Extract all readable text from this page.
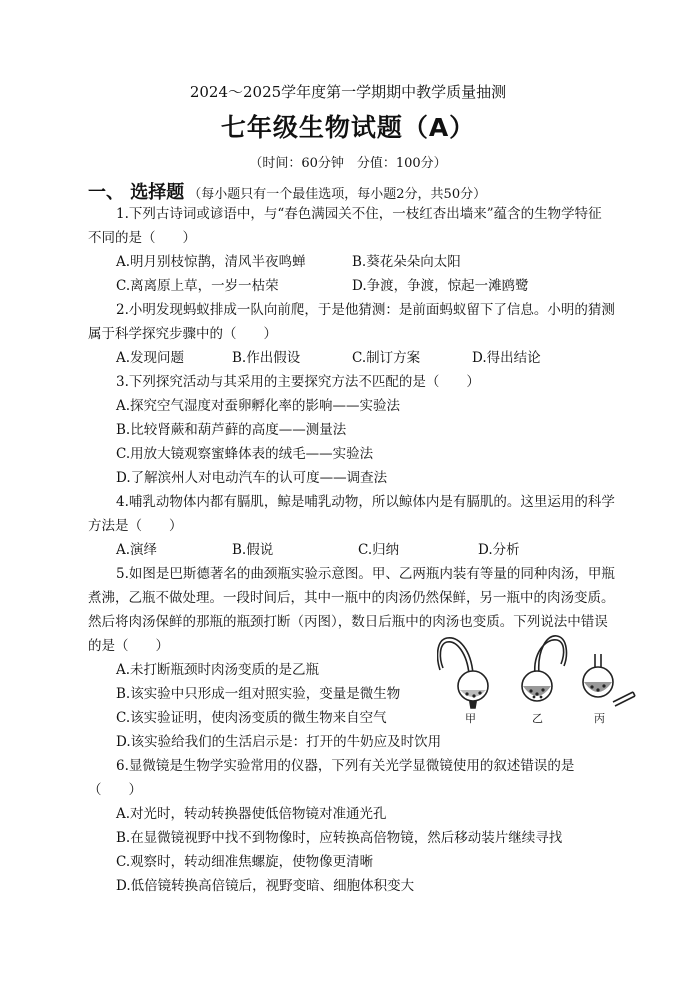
2024～2025学年度第一学期期中教学质量抽测
七年级生物试题（A）
（时间：60分钟　分值：100分）
一、 选择题 （每小题只有一个最佳选项，每小题2分，共50分）
1.下列古诗词或谚语中，与“春色满园关不住，一枝红杏出墙来”蕴含的生物学特征
不同的是（　　）
A.明月别枝惊鹊，清风半夜鸣蝉	B.葵花朵朵向太阳
C.离离原上草，一岁一枯荣	D.争渡，争渡，惊起一滩鸥鹭
2.小明发现蚂蚁排成一队向前爬，于是他猜测：是前面蚂蚁留下了信息。小明的猜测
属于科学探究步骤中的（　　）
A.发现问题	B.作出假设	C.制订方案	D.得出结论
3.下列探究活动与其采用的主要探究方法不匹配的是（　　）
A.探究空气湿度对蚕卵孵化率的影响——实验法
B.比较肾蕨和葫芦藓的高度——测量法
C.用放大镜观察蜜蜂体表的绒毛——实验法
D.了解滨州人对电动汽车的认可度——调查法
4.哺乳动物体内都有膈肌，鲸是哺乳动物，所以鲸体内是有膈肌的。这里运用的科学
方法是（　　）
A.演绎	B.假说	C.归纳	D.分析
5.如图是巴斯德著名的曲颈瓶实验示意图。甲、乙两瓶内装有等量的同种肉汤，甲瓶
煮沸，乙瓶不做处理。一段时间后，其中一瓶中的肉汤仍然保鲜，另一瓶中的肉汤变质。
然后将肉汤保鲜的那瓶的瓶颈打断（丙图），数日后瓶中的肉汤也变质。下列说法中错误
的是（　　）
A.未打断瓶颈时肉汤变质的是乙瓶
B.该实验中只形成一组对照实验，变量是微生物
C.该实验证明，使肉汤变质的微生物来自空气
D.该实验给我们的生活启示是：打开的牛奶应及时饮用
甲	乙	丙
6.显微镜是生物学实验常用的仪器，下列有关光学显微镜使用的叙述错误的是
（　　）
A.对光时，转动转换器使低倍物镜对准通光孔
B.在显微镜视野中找不到物像时，应转换高倍物镜，然后移动装片继续寻找
C.观察时，转动细准焦螺旋，使物像更清晰
D.低倍镜转换高倍镜后，视野变暗、细胞体积变大
